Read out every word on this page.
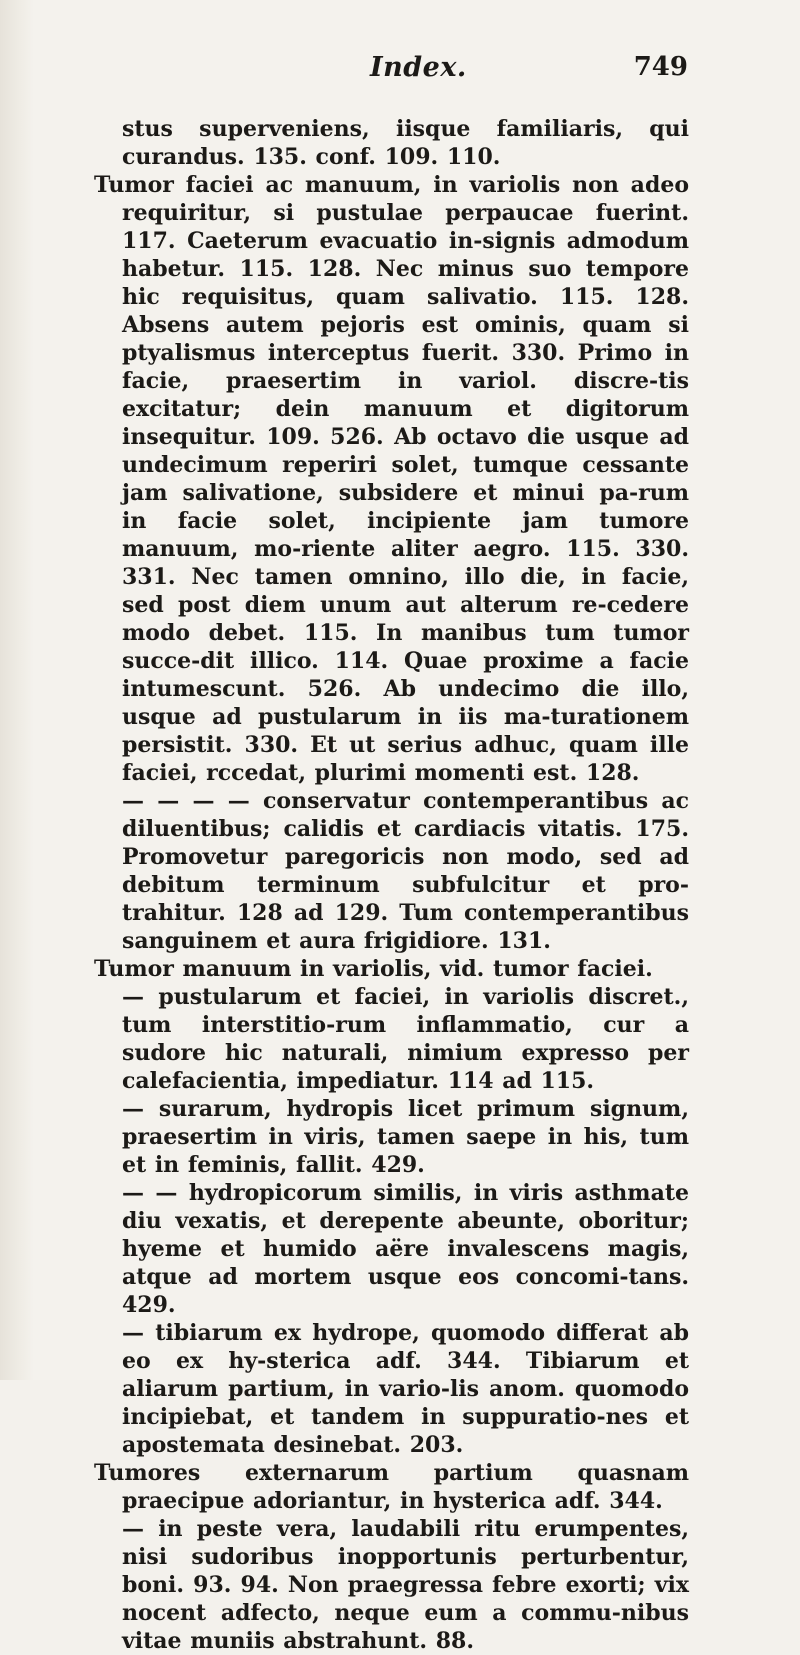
Index.	749

stus superveniens, iisque familiaris, qui curandus. 135. conf. 109. 110.

Tumor faciei ac manuum, in variolis non adeo requiritur, si pustulae perpaucae fuerint. 117. Caeterum evacuatio in-signis admodum habetur. 115. 128. Nec minus suo tempore hic requisitus, quam salivatio. 115. 128. Absens autem pejoris est ominis, quam si ptyalismus interceptus fuerit. 330. Primo in facie, praesertim in variol. discre-tis excitatur; dein manuum et digitorum insequitur. 109. 526. Ab octavo die usque ad undecimum reperiri solet, tumque cessante jam salivatione, subsidere et minui pa-rum in facie solet, incipiente jam tumore manuum, mo-riente aliter aegro. 115. 330. 331. Nec tamen omnino, illo die, in facie, sed post diem unum aut alterum re-cedere modo debet. 115. In manibus tum tumor succe-dit illico. 114. Quae proxime a facie intumescunt. 526. Ab undecimo die illo, usque ad pustularum in iis ma-turationem persistit. 330. Et ut serius adhuc, quam ille faciei, rccedat, plurimi momenti est. 128.

— — — — conservatur contemperantibus ac diluentibus; calidis et cardiacis vitatis. 175. Promovetur paregoricis non modo, sed ad debitum terminum subfulcitur et pro-trahitur. 128 ad 129. Tum contemperantibus sanguinem et aura frigidiore. 131.

Tumor manuum in variolis, vid. tumor faciei.

— pustularum et faciei, in variolis discret., tum interstitio-rum inflammatio, cur a sudore hic naturali, nimium expresso per calefacientia, impediatur. 114 ad 115.

— surarum, hydropis licet primum signum, praesertim in viris, tamen saepe in his, tum et in feminis, fallit. 429.

— — hydropicorum similis, in viris asthmate diu vexatis, et derepente abeunte, oboritur; hyeme et humido aëre invalescens magis, atque ad mortem usque eos concomi-tans. 429.

— tibiarum ex hydrope, quomodo differat ab eo ex hy-sterica adf. 344. Tibiarum et aliarum partium, in vario-lis anom. quomodo incipiebat, et tandem in suppuratio-nes et apostemata desinebat. 203.

Tumores externarum partium quasnam praecipue adoriantur, in hysterica adf. 344.

— in peste vera, laudabili ritu erumpentes, nisi sudoribus inopportunis perturbentur, boni. 93. 94. Non praegressa febre exorti; vix nocent adfecto, neque eum a commu-nibus vitae muniis abstrahunt. 88.
